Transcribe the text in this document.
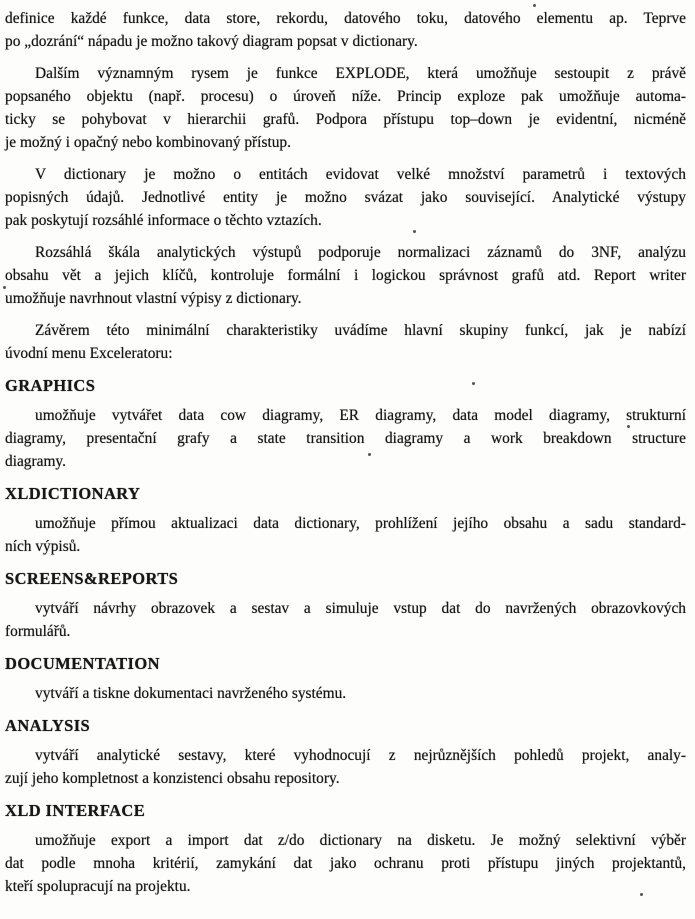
definice každé funkce, data store, rekordu, datového toku, datového elementu ap. Teprve
po „dozrání“ nápadu je možno takový diagram popsat v dictionary.
Dalším významným rysem je funkce EXPLODE, která umožňuje sestoupit z právě
popsaného objektu (např. procesu) o úroveň níže. Princip exploze pak umožňuje automa-
ticky se pohybovat v hierarchii grafů. Podpora přístupu top–down je evidentní, nicméně
je možný i opačný nebo kombinovaný přístup.
V dictionary je možno o entitách evidovat velké množství parametrů i textových
popisných údajů. Jednotlivé entity je možno svázat jako související. Analytické výstupy
pak poskytují rozsáhlé informace o těchto vztazích.
Rozsáhlá škála analytických výstupů podporuje normalizaci záznamů do 3NF, analýzu
obsahu vět a jejich klíčů, kontroluje formální i logickou správnost grafů atd. Report writer
umožňuje navrhnout vlastní výpisy z dictionary.
Závěrem této minimální charakteristiky uvádíme hlavní skupiny funkcí, jak je nabízí
úvodní menu Exceleratoru:
GRAPHICS
umožňuje vytvářet data cow diagramy, ER diagramy, data model diagramy, strukturní
diagramy, presentační grafy a state transition diagramy a work breakdown structure
diagramy.
XLDICTIONARY
umožňuje přímou aktualizaci data dictionary, prohlížení jejího obsahu a sadu standard-
ních výpisů.
SCREENS&REPORTS
vytváří návrhy obrazovek a sestav a simuluje vstup dat do navržených obrazovkových
formulářů.
DOCUMENTATION
vytváří a tiskne dokumentaci navrženého systému.
ANALYSIS
vytváří analytické sestavy, které vyhodnocují z nejrůznějších pohledů projekt, analy-
zují jeho kompletnost a konzistenci obsahu repository.
XLD INTERFACE
umožňuje export a import dat z/do dictionary na disketu. Je možný selektivní výběr
dat podle mnoha kritérií, zamykání dat jako ochranu proti přístupu jiných projektantů,
kteří spolupracují na projektu.
